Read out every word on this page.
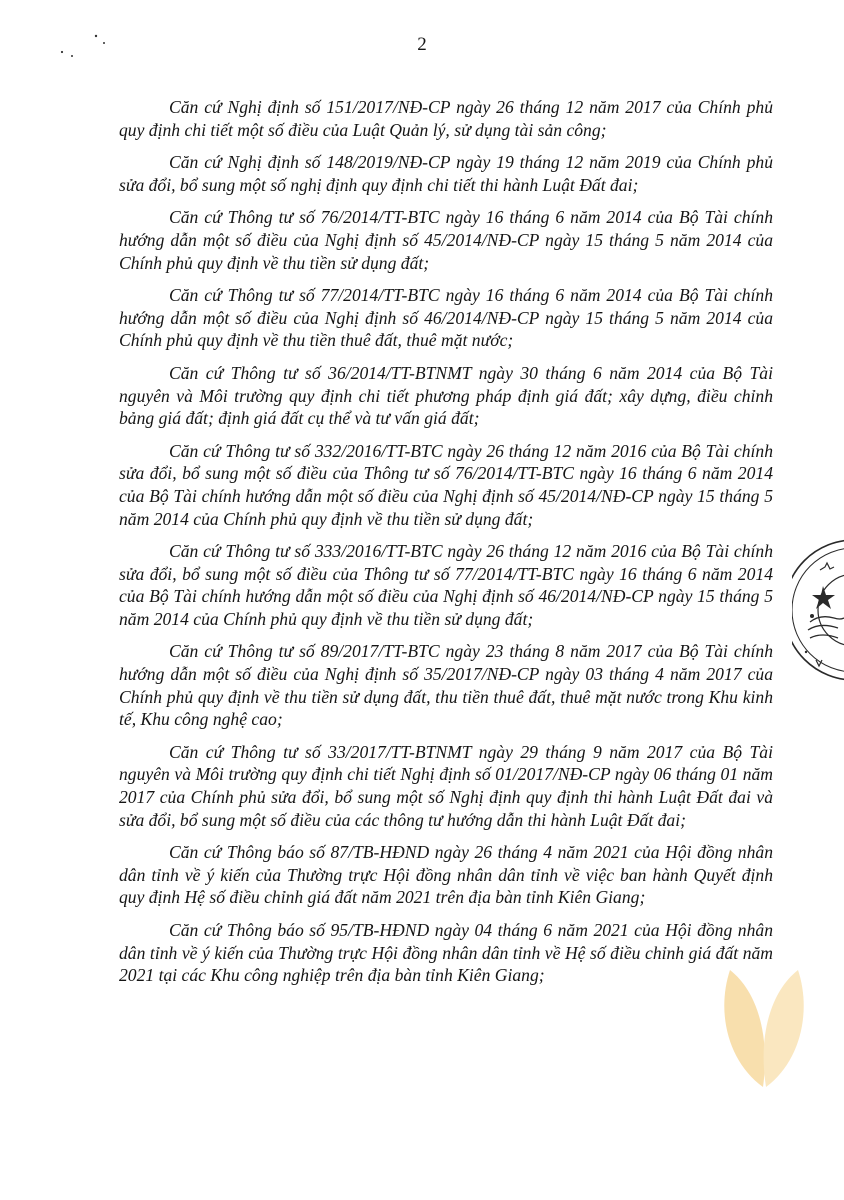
2

Căn cứ Nghị định số 151/2017/NĐ-CP ngày 26 tháng 12 năm 2017 của Chính phủ quy định chi tiết một số điều của Luật Quản lý, sử dụng tài sản công;

Căn cứ Nghị định số 148/2019/NĐ-CP ngày 19 tháng 12 năm 2019 của Chính phủ sửa đổi, bổ sung một số nghị định quy định chi tiết thi hành Luật Đất đai;

Căn cứ Thông tư số 76/2014/TT-BTC ngày 16 tháng 6 năm 2014 của Bộ Tài chính hướng dẫn một số điều của Nghị định số 45/2014/NĐ-CP ngày 15 tháng 5 năm 2014 của Chính phủ quy định về thu tiền sử dụng đất;

Căn cứ Thông tư số 77/2014/TT-BTC ngày 16 tháng 6 năm 2014 của Bộ Tài chính hướng dẫn một số điều của Nghị định số 46/2014/NĐ-CP ngày 15 tháng 5 năm 2014 của Chính phủ quy định về thu tiền thuê đất, thuê mặt nước;

Căn cứ Thông tư số 36/2014/TT-BTNMT ngày 30 tháng 6 năm 2014 của Bộ Tài nguyên và Môi trường quy định chi tiết phương pháp định giá đất; xây dựng, điều chỉnh bảng giá đất; định giá đất cụ thể và tư vấn giá đất;

Căn cứ Thông tư số 332/2016/TT-BTC ngày 26 tháng 12 năm 2016 của Bộ Tài chính sửa đổi, bổ sung một số điều của Thông tư số 76/2014/TT-BTC ngày 16 tháng 6 năm 2014 của Bộ Tài chính hướng dẫn một số điều của Nghị định số 45/2014/NĐ-CP ngày 15 tháng 5 năm 2014 của Chính phủ quy định về thu tiền sử dụng đất;

Căn cứ Thông tư số 333/2016/TT-BTC ngày 26 tháng 12 năm 2016 của Bộ Tài chính sửa đổi, bổ sung một số điều của Thông tư số 77/2014/TT-BTC ngày 16 tháng 6 năm 2014 của Bộ Tài chính hướng dẫn một số điều của Nghị định số 46/2014/NĐ-CP ngày 15 tháng 5 năm 2014 của Chính phủ quy định về thu tiền sử dụng đất;

Căn cứ Thông tư số 89/2017/TT-BTC ngày 23 tháng 8 năm 2017 của Bộ Tài chính hướng dẫn một số điều của Nghị định số 35/2017/NĐ-CP ngày 03 tháng 4 năm 2017 của Chính phủ quy định về thu tiền sử dụng đất, thu tiền thuê đất, thuê mặt nước trong Khu kinh tế, Khu công nghệ cao;

Căn cứ Thông tư số 33/2017/TT-BTNMT ngày 29 tháng 9 năm 2017 của Bộ Tài nguyên và Môi trường quy định chi tiết Nghị định số 01/2017/NĐ-CP ngày 06 tháng 01 năm 2017 của Chính phủ sửa đổi, bổ sung một số Nghị định quy định thi hành Luật Đất đai và sửa đổi, bổ sung một số điều của các thông tư hướng dẫn thi hành Luật Đất đai;

Căn cứ Thông báo số 87/TB-HĐND ngày 26 tháng 4 năm 2021 của Hội đồng nhân dân tỉnh về ý kiến của Thường trực Hội đồng nhân dân tỉnh về việc ban hành Quyết định quy định Hệ số điều chỉnh giá đất năm 2021 trên địa bàn tỉnh Kiên Giang;

Căn cứ Thông báo số 95/TB-HĐND ngày 04 tháng 6 năm 2021 của Hội đồng nhân dân tỉnh về ý kiến của Thường trực Hội đồng nhân dân tỉnh về Hệ số điều chỉnh giá đất năm 2021 tại các Khu công nghiệp trên địa bàn tỉnh Kiên Giang;
